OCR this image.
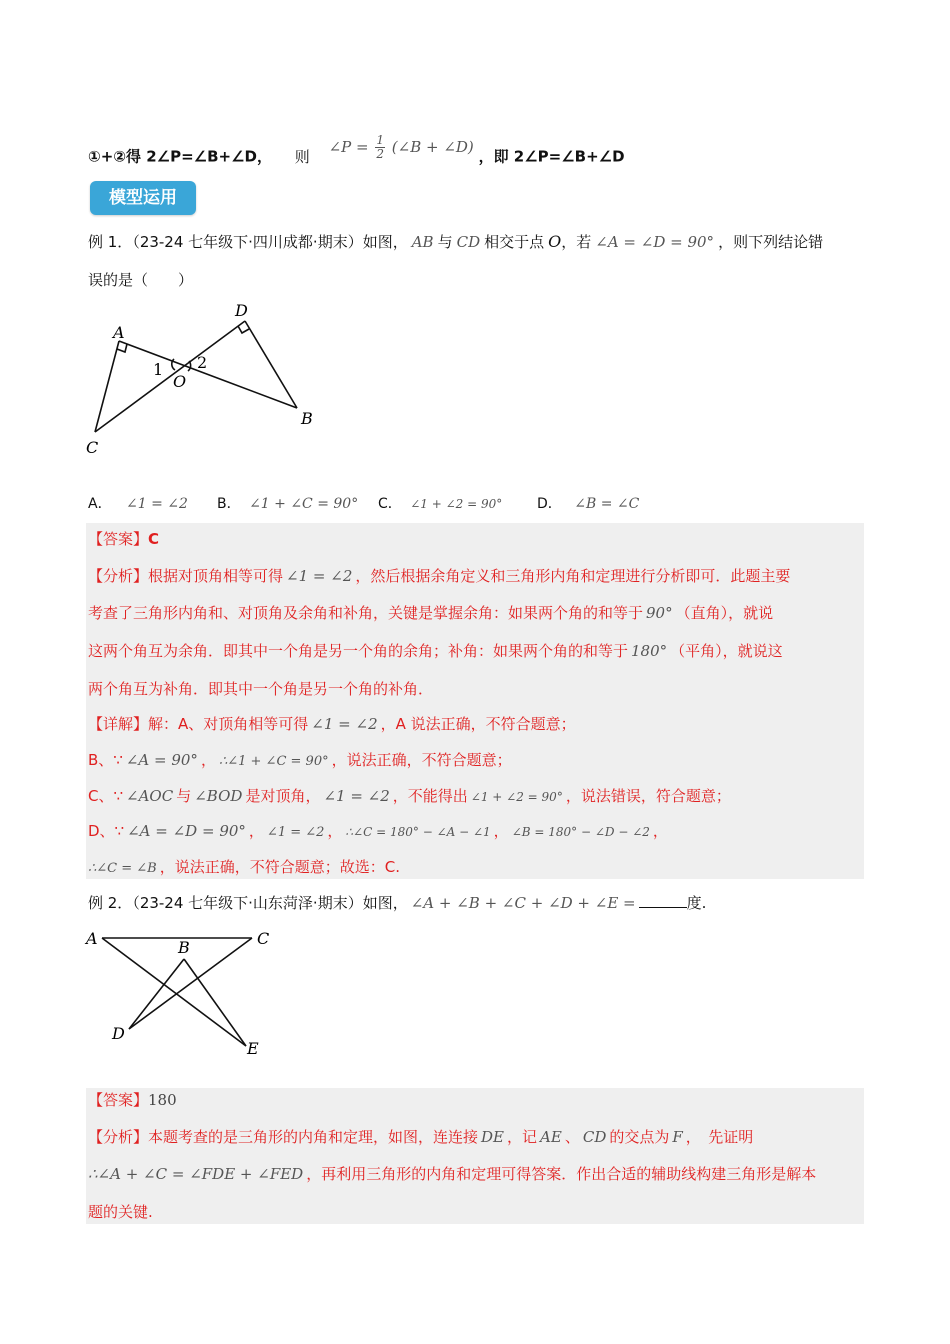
①+②得 2∠P=∠B+∠D， 则 ∠P = $\frac{1}{2}$ (∠B + ∠D) ，即 2∠P=∠B+∠D
模型运用
例 1．（23-24 七年级下·四川成都·期末）如图， AB 与 CD 相交于点 O，若 ∠A = ∠D = 90° ，则下列结论错
误的是（　　）
A
D
C
B
O
1 2
A． ∠1 = ∠2 B． ∠1 + ∠C = 90° C． ∠1 + ∠2 = 90° D． ∠B = ∠C
【答案】C
【分析】根据对顶角相等可得 ∠1 = ∠2 ，然后根据余角定义和三角形内角和定理进行分析即可．此题主要
考查了三角形内角和、对顶角及余角和补角，关键是掌握余角：如果两个角的和等于 90° （直角），就说
这两个角互为余角．即其中一个角是另一个角的余角；补角：如果两个角的和等于 180° （平角），就说这
两个角互为补角．即其中一个角是另一个角的补角．
【详解】解：A、对顶角相等可得 ∠1 = ∠2 ，A 说法正确，不符合题意；
B、∵ ∠A = 90° ， ∴∠1 + ∠C = 90° ，说法正确，不符合题意；
C、∵ ∠AOC 与 ∠BOD 是对顶角， ∠1 = ∠2 ，不能得出 ∠1 + ∠2 = 90° ，说法错误，符合题意；
D、∵ ∠A = ∠D = 90° ， ∠1 = ∠2 ， ∴∠C = 180° − ∠A − ∠1 ， ∠B = 180° − ∠D − ∠2 ，
∴∠C = ∠B ，说法正确，不符合题意；故选：C.
例 2．（23-24 七年级下·山东菏泽·期末）如图， ∠A + ∠B + ∠C + ∠D + ∠E =	度.
A	B	C
D
E
【答案】180
【分析】本题考查的是三角形的内角和定理，如图，连连接 DE ，记 AE 、 CD 的交点为 F ，　先证明
∴∠A + ∠C = ∠FDE + ∠FED ，再利用三角形的内角和定理可得答案．作出合适的辅助线构建三角形是解本
题的关键.
